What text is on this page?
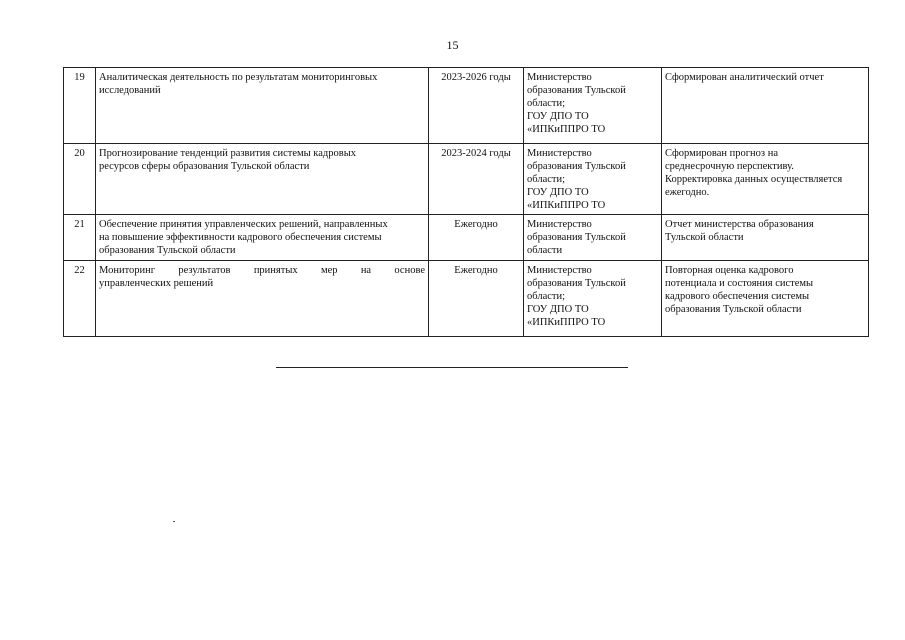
15
19	Аналитическая деятельность по результатам мониторинговых
исследований	2023-2026 годы	Министерство
образования Тульской
области;
ГОУ ДПО ТО
«ИПКиППРО ТО	Сформирован аналитический отчет

20	Прогнозирование тенденций развития системы кадровых
ресурсов сферы образования Тульской области	2023-2024 годы	Министерство
образования Тульской
области;
ГОУ ДПО ТО
«ИПКиППРО ТО	Сформирован прогноз на
среднесрочную перспективу.
Корректировка данных осуществляется
ежегодно.

21	Обеспечение принятия управленческих решений, направленных
на повышение эффективности кадрового обеспечения системы
образования Тульской области	Ежегодно	Министерство
образования Тульской
области	Отчет министерства образования
Тульской области

22	Мониторинг результатов принятых мер на основе
управленческих решений	Ежегодно	Министерство
образования Тульской
области;
ГОУ ДПО ТО
«ИПКиППРО ТО	Повторная оценка кадрового
потенциала и состояния системы
кадрового обеспечения системы
образования Тульской области
